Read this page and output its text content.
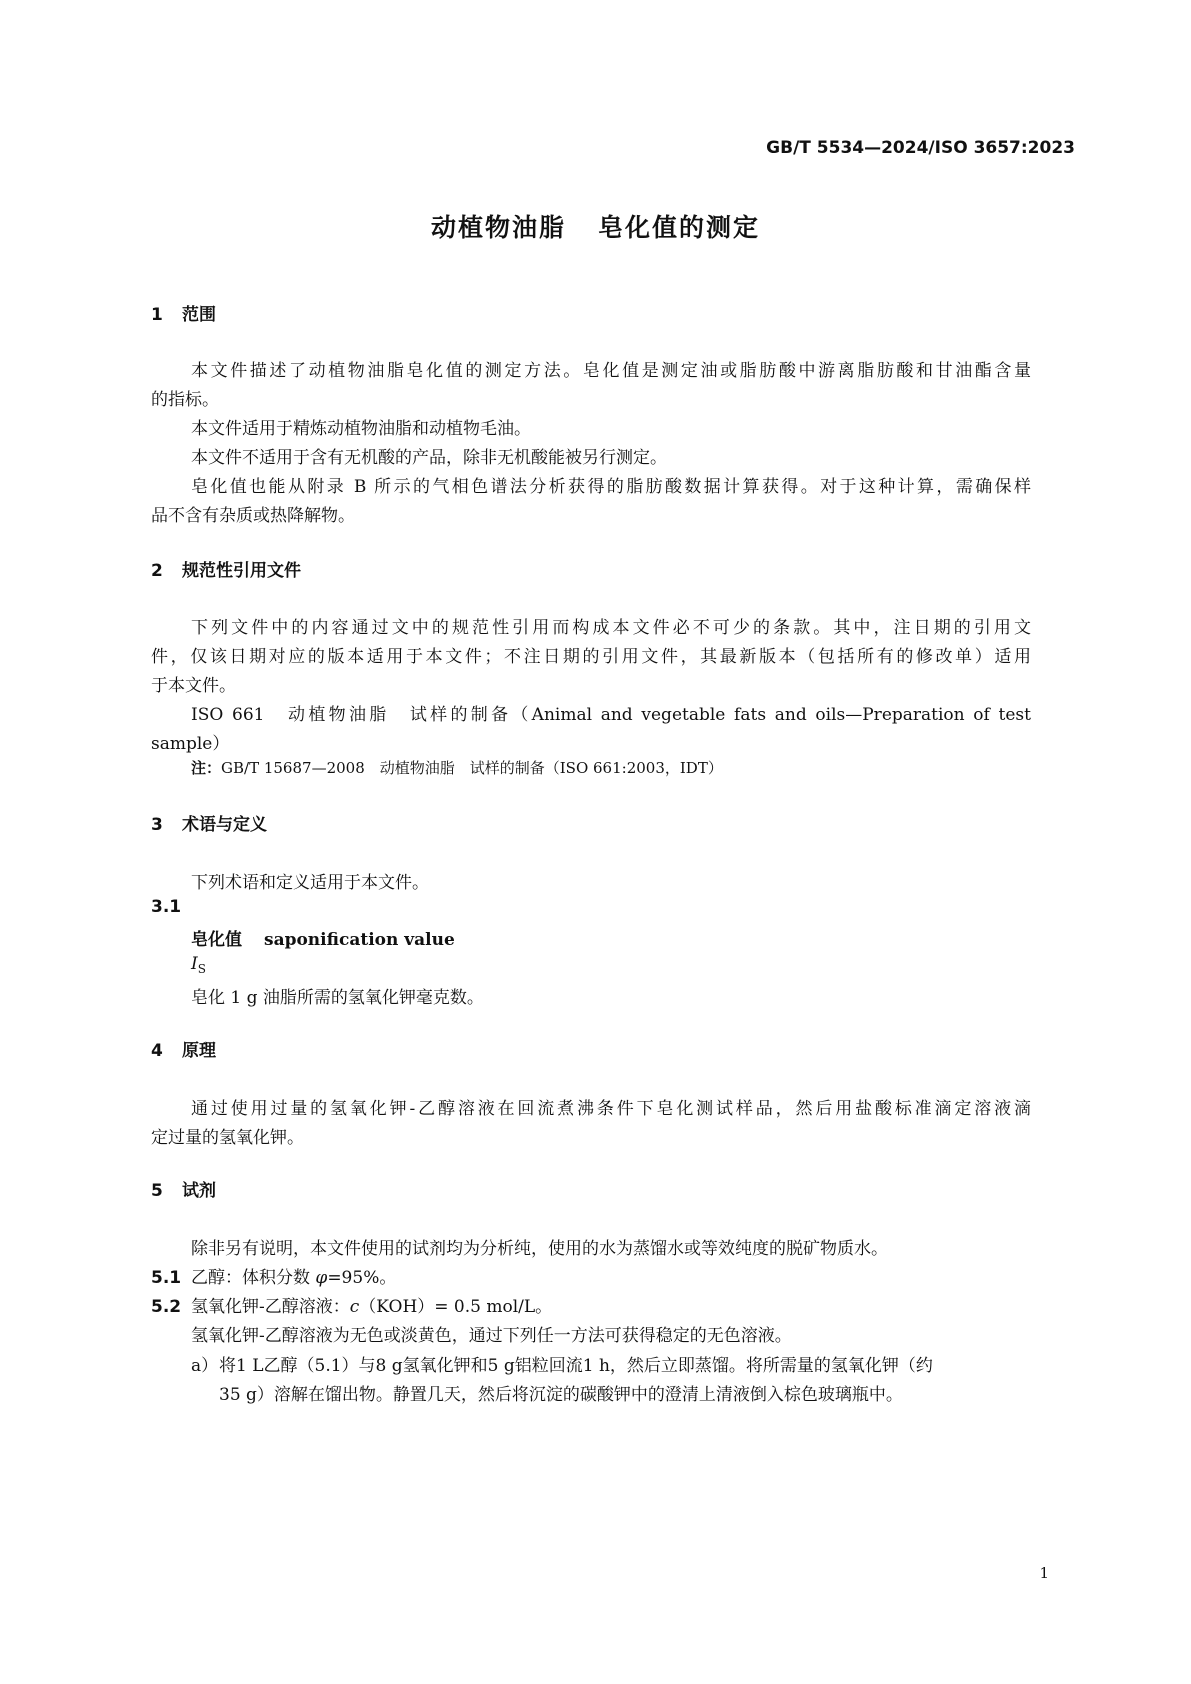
GB/T 5534—2024/ISO 3657:2023
动植物油脂 皂化值的测定
1 范围
本文件描述了动植物油脂皂化值的测定方法。皂化值是测定油或脂肪酸中游离脂肪酸和甘油酯含量
的指标。
本文件适用于精炼动植物油脂和动植物毛油。
本文件不适用于含有无机酸的产品，除非无机酸能被另行测定。
皂化值也能从附录 B 所示的气相色谱法分析获得的脂肪酸数据计算获得。对于这种计算，需确保样
品不含有杂质或热降解物。
2 规范性引用文件
下列文件中的内容通过文中的规范性引用而构成本文件必不可少的条款。其中，注日期的引用文
件，仅该日期对应的版本适用于本文件；不注日期的引用文件，其最新版本（包括所有的修改单）适用
于本文件。
ISO 661　动植物油脂　试样的制备（Animal and vegetable fats and oils—Preparation of test
sample）
注：GB/T 15687—2008　动植物油脂　试样的制备（ISO 661:2003，IDT）
3 术语与定义
下列术语和定义适用于本文件。
3.1
皂化值 saponification value
$I_S$
皂化 1 g 油脂所需的氢氧化钾毫克数。
4 原理
通过使用过量的氢氧化钾-乙醇溶液在回流煮沸条件下皂化测试样品，然后用盐酸标准滴定溶液滴
定过量的氢氧化钾。
5 试剂
除非另有说明，本文件使用的试剂均为分析纯，使用的水为蒸馏水或等效纯度的脱矿物质水。
5.1 乙醇：体积分数 φ=95%。
5.2 氢氧化钾-乙醇溶液：c（KOH）= 0.5 mol/L。
氢氧化钾-乙醇溶液为无色或淡黄色，通过下列任一方法可获得稳定的无色溶液。
a）将1 L乙醇（5.1）与8 g氢氧化钾和5 g铝粒回流1 h，然后立即蒸馏。将所需量的氢氧化钾（约
35 g）溶解在馏出物。静置几天，然后将沉淀的碳酸钾中的澄清上清液倒入棕色玻璃瓶中。
1
